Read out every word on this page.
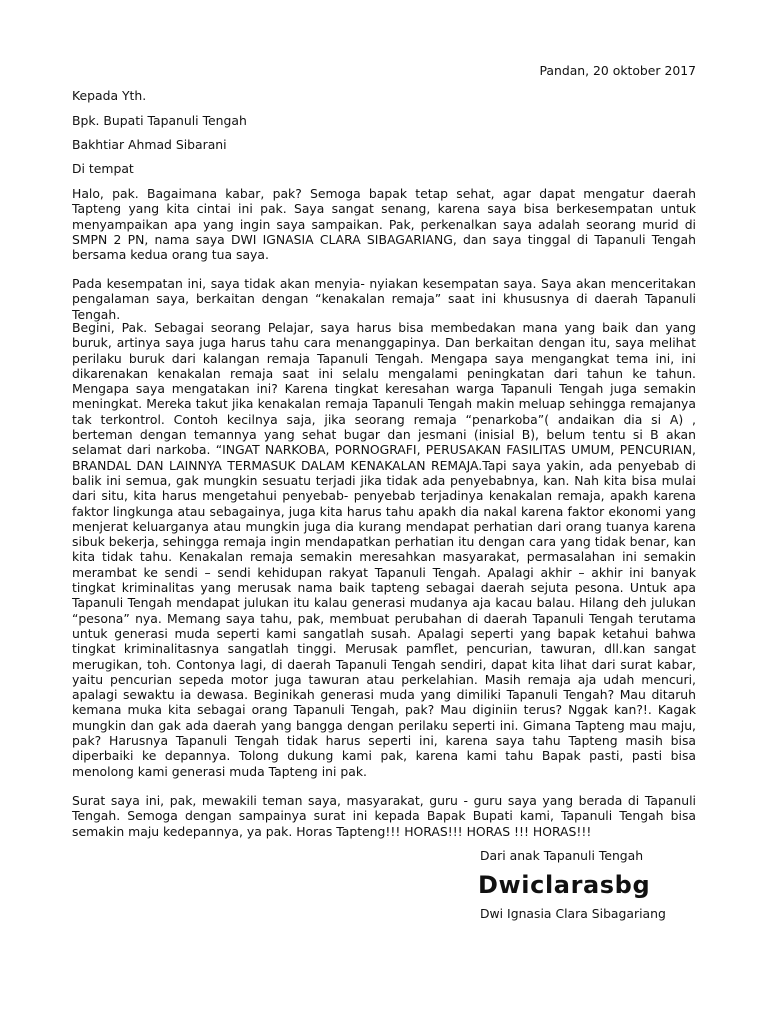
Pandan, 20 oktober 2017
Kepada Yth.
Bpk. Bupati Tapanuli Tengah
Bakhtiar Ahmad Sibarani
Di tempat

Halo, pak. Bagaimana kabar, pak? Semoga bapak tetap sehat, agar dapat mengatur daerah Tapteng yang kita cintai ini pak. Saya sangat senang, karena saya bisa berkesempatan untuk menyampaikan apa yang ingin saya sampaikan. Pak, perkenalkan saya adalah seorang murid di SMPN 2 PN, nama saya DWI IGNASIA CLARA SIBAGARIANG, dan saya tinggal di Tapanuli Tengah bersama kedua orang tua saya.

Pada kesempatan ini, saya tidak akan menyia- nyiakan kesempatan saya. Saya akan menceritakan pengalaman saya, berkaitan dengan “kenakalan remaja” saat ini khususnya di daerah Tapanuli Tengah.

Begini, Pak. Sebagai seorang Pelajar, saya harus bisa membedakan mana yang baik dan yang buruk, artinya saya juga harus tahu cara menanggapinya. Dan berkaitan dengan itu, saya melihat perilaku buruk dari kalangan remaja Tapanuli Tengah. Mengapa saya mengangkat tema ini, ini dikarenakan kenakalan remaja saat ini selalu mengalami peningkatan dari tahun ke tahun. Mengapa saya mengatakan ini? Karena tingkat keresahan warga Tapanuli Tengah juga semakin meningkat. Mereka takut jika kenakalan remaja Tapanuli Tengah makin meluap sehingga remajanya tak terkontrol. Contoh kecilnya saja, jika seorang remaja “penarkoba”( andaikan dia si A) , berteman dengan temannya yang sehat bugar dan jesmani (inisial B), belum tentu si B akan selamat dari narkoba. “INGAT NARKOBA, PORNOGRAFI, PERUSAKAN FASILITAS UMUM, PENCURIAN, BRANDAL DAN LAINNYA TERMASUK DALAM KENAKALAN REMAJA.Tapi saya yakin, ada penyebab di balik ini semua, gak mungkin sesuatu terjadi jika tidak ada penyebabnya, kan. Nah kita bisa mulai dari situ, kita harus mengetahui penyebab- penyebab terjadinya kenakalan remaja, apakh karena faktor lingkunga atau sebagainya, juga kita harus tahu apakh dia nakal karena faktor ekonomi yang menjerat keluarganya atau mungkin juga dia kurang mendapat perhatian dari orang tuanya karena sibuk bekerja, sehingga remaja ingin mendapatkan perhatian itu dengan cara yang tidak benar, kan kita tidak tahu. Kenakalan remaja semakin meresahkan masyarakat, permasalahan ini semakin merambat ke sendi – sendi kehidupan rakyat Tapanuli Tengah. Apalagi akhir – akhir ini banyak tingkat kriminalitas yang merusak nama baik tapteng sebagai daerah sejuta pesona. Untuk apa Tapanuli Tengah mendapat julukan itu kalau generasi mudanya aja kacau balau. Hilang deh julukan “pesona” nya. Memang saya tahu, pak, membuat perubahan di daerah Tapanuli Tengah terutama untuk generasi muda seperti kami sangatlah susah. Apalagi seperti yang bapak ketahui bahwa tingkat kriminalitasnya sangatlah tinggi. Merusak pamflet, pencurian, tawuran, dll.kan sangat merugikan, toh. Contonya lagi, di daerah Tapanuli Tengah sendiri, dapat kita lihat dari surat kabar, yaitu pencurian sepeda motor juga tawuran atau perkelahian. Masih remaja aja udah mencuri, apalagi sewaktu ia dewasa. Beginikah generasi muda yang dimiliki Tapanuli Tengah? Mau ditaruh kemana muka kita sebagai orang Tapanuli Tengah, pak? Mau diginiin terus? Nggak kan?!. Kagak mungkin dan gak ada daerah yang bangga dengan perilaku seperti ini. Gimana Tapteng mau maju, pak? Harusnya Tapanuli Tengah tidak harus seperti ini, karena saya tahu Tapteng masih bisa diperbaiki ke depannya. Tolong dukung kami pak, karena kami tahu Bapak pasti, pasti bisa menolong kami generasi muda Tapteng ini pak.

Surat saya ini, pak, mewakili teman saya, masyarakat, guru - guru saya yang berada di Tapanuli Tengah. Semoga dengan sampainya surat ini kepada Bapak Bupati kami, Tapanuli Tengah bisa semakin maju kedepannya, ya pak. Horas Tapteng!!! HORAS!!! HORAS !!! HORAS!!!

Dari anak Tapanuli Tengah
Dwiclarasbg
Dwi Ignasia Clara Sibagariang
